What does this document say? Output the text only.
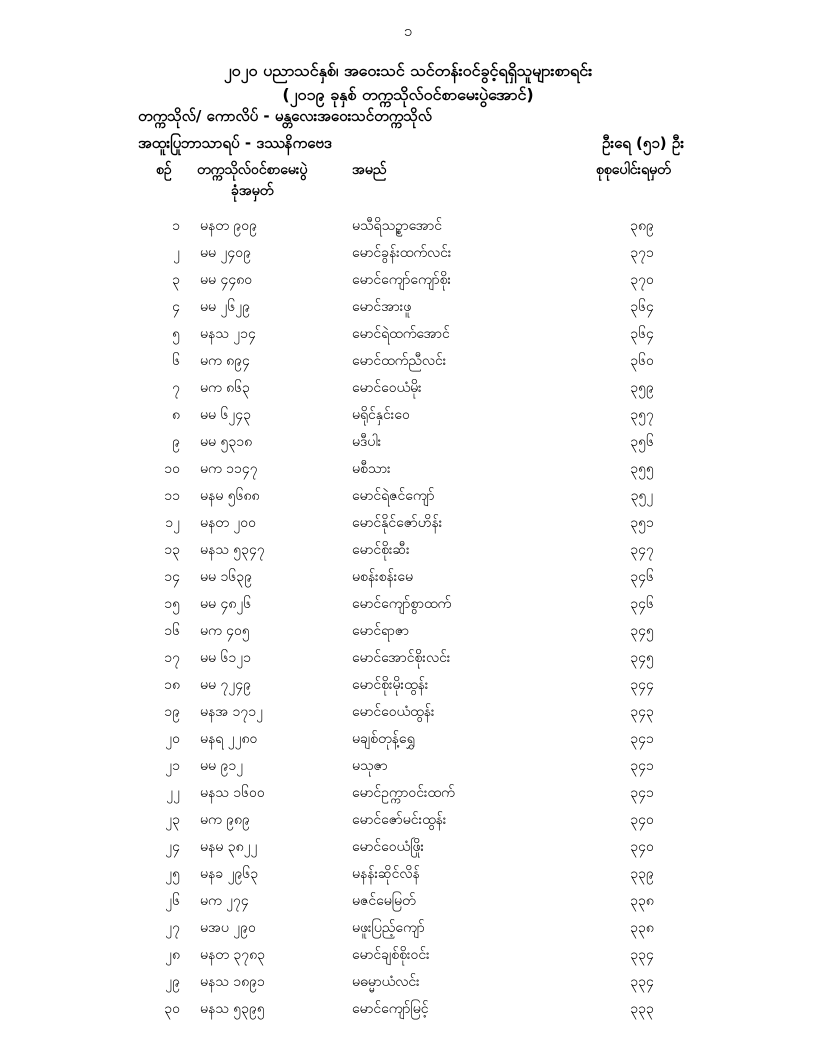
၁
၂၀၂၀ ပညာသင်နှစ်၊ အဝေးသင် သင်တန်းဝင်ခွင့်ရရှိသူများစာရင်း
(၂၀၁၉ ခုနှစ် တက္ကသိုလ်ဝင်စာမေးပွဲအောင်)
တက္ကသိုလ်/ ကောလိပ် - မန္တလေးအဝေးသင်တက္ကသိုလ်
အထူးပြုဘာသာရပ် - ဒဿနိကဗေဒ	ဦးရေ (၅၁) ဦး
စဉ် တက္ကသိုလ်ဝင်စာမေးပွဲ
ခုံအမှတ်
အမည်	စုစုပေါင်းရမှတ်
၁ မနတ ၉၀၉	မသီရိသဥ္စာအောင်	၃၈၉
၂ မမ ၂၄၀၉	မောင်ခွန်းထက်လင်း	၃၇၁
၃ မမ ၄၄၈၀	မောင်ကျော်ကျော်စိုး	၃၇၀
၄ မမ ၂၆၂၉	မောင်အားဖူ	၃၆၄
၅ မနသ ၂၁၄	မောင်ရဲထက်အောင်	၃၆၄
၆ မက ၈၉၄	မောင်ထက်ညီလင်း	၃၆၀
၇ မက ၈၆၃	မောင်ဝေယံမိုး	၃၅၉
၈ မမ ၆၂၄၃	မရိုင်နှင်းဝေ	၃၅၇
၉ မမ ၅၃၁၈	မဒီပါး	၃၅၆
၁၀ မက ၁၁၄၇	မစီသား	၃၅၅
၁၁ မနမ ၅၆၈၈	မောင်ရဲဇင်ကျော်	၃၅၂
၁၂ မနတ ၂၀၀	မောင်နိုင်ဇော်ဟိန်း	၃၅၁
၁၃ မနသ ၅၃၄၇	မောင်စိုးဆီး	၃၄၇
၁၄ မမ ၁၆၃၉	မစန်းစန်းမေ	၃၄၆
၁၅ မမ ၄၈၂၆	မောင်ကျော်စွာထက်	၃၄၆
၁၆ မက ၄၀၅	မောင်ရာဇာ	၃၄၅
၁၇ မမ ၆၁၂၁	မောင်အောင်စိုးလင်း	၃၄၅
၁၈ မမ ၇၂၄၉	မောင်စိုးမိုးထွန်း	၃၄၄
၁၉ မနအ ၁၇၁၂	မောင်ဝေယံထွန်း	၃၄၃
၂၀ မနရ ၂၂၈၀	မချစ်တုန့်ရွှေ	၃၄၁
၂၁ မမ ၉၁၂	မသုဇာ	၃၄၁
၂၂ မနသ ၁၆၀၀	မောင်ဥက္ကာဝင်းထက်	၃၄၁
၂၃ မက ၉၈၉	မောင်ဇော်မင်းထွန်း	၃၄၀
၂၄ မနမ ၃၈၂၂	မောင်ဝေယံဖြိုး	၃၄၀
၂၅ မနခ ၂၉၆၃	မနန်းဆိုင်လိန်	၃၃၉
၂၆ မက ၂၇၄	မဇင်မေမြတ်	၃၃၈
၂၇ မအပ ၂၉၀	မဖူးပြည့်ကျော်	၃၃၈
၂၈ မနတ ၃၇၈၃	မောင်ချစ်စိုးဝင်း	၃၃၄
၂၉ မနသ ၁၈၉၁	မဓမ္မာယံလင်း	၃၃၄
၃၀ မနသ ၅၃၉၅	မောင်ကျော်မြင့်	၃၃၃
